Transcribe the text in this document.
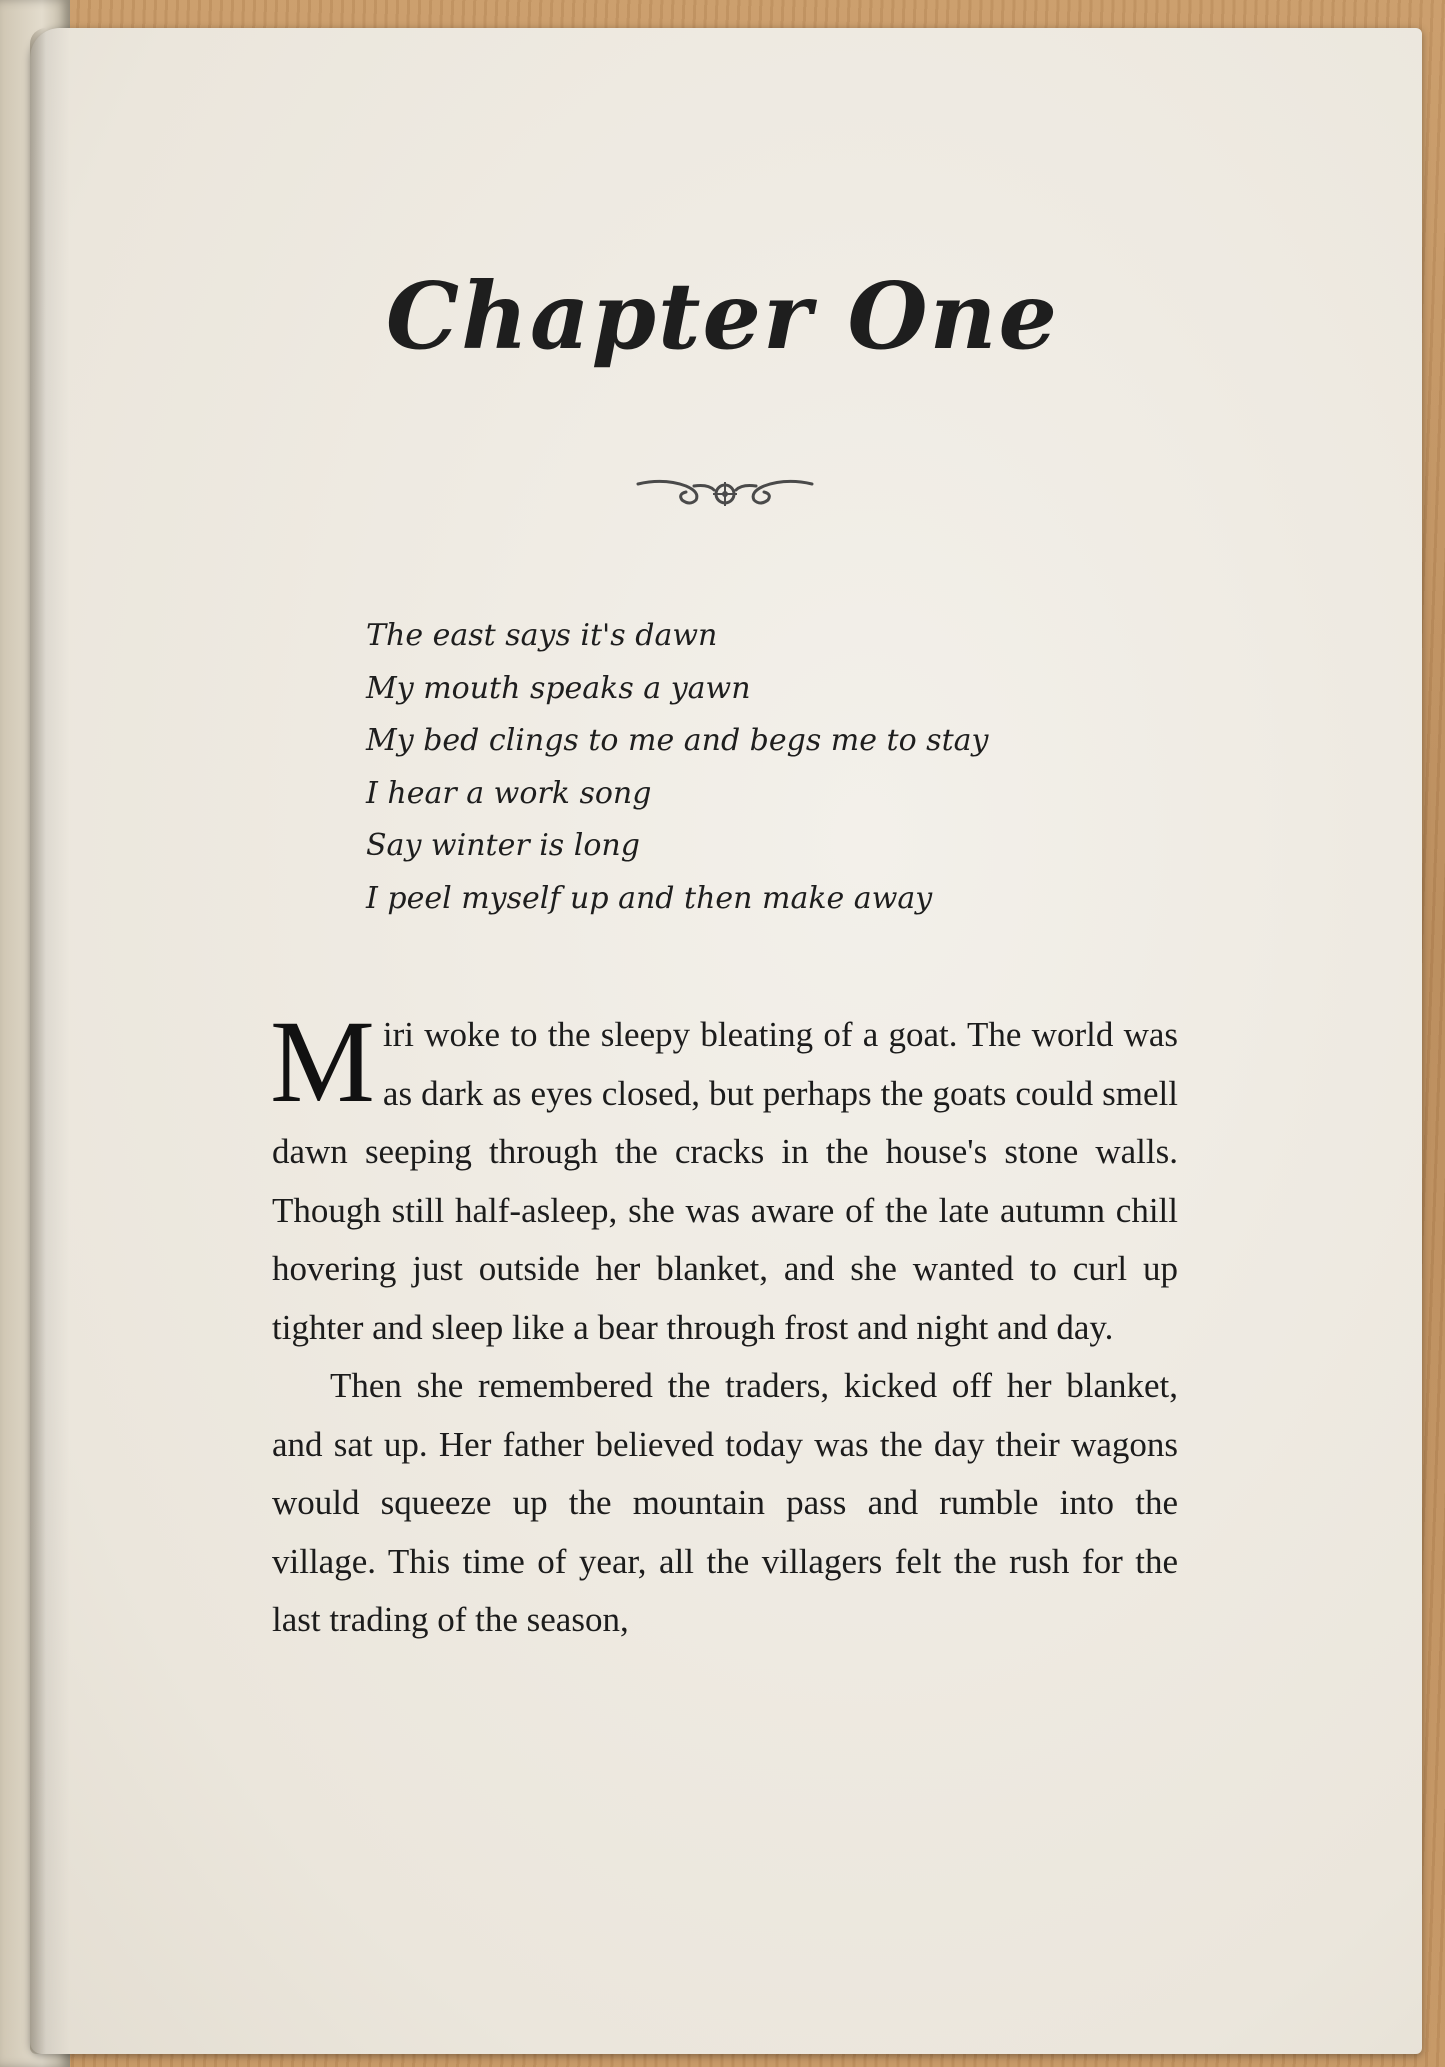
Chapter One
The east says it's dawn
My mouth speaks a yawn
My bed clings to me and begs me to stay
I hear a work song
Say winter is long
I peel myself up and then make away

Miri woke to the sleepy bleating of a goat. The world was as dark as eyes closed, but perhaps the goats could smell dawn seeping through the cracks in the house's stone walls. Though still half-asleep, she was aware of the late autumn chill hovering just outside her blanket, and she wanted to curl up tighter and sleep like a bear through frost and night and day.

Then she remembered the traders, kicked off her blanket, and sat up. Her father believed today was the day their wagons would squeeze up the mountain pass and rumble into the village. This time of year, all the villagers felt the rush for the last trading of the season,
